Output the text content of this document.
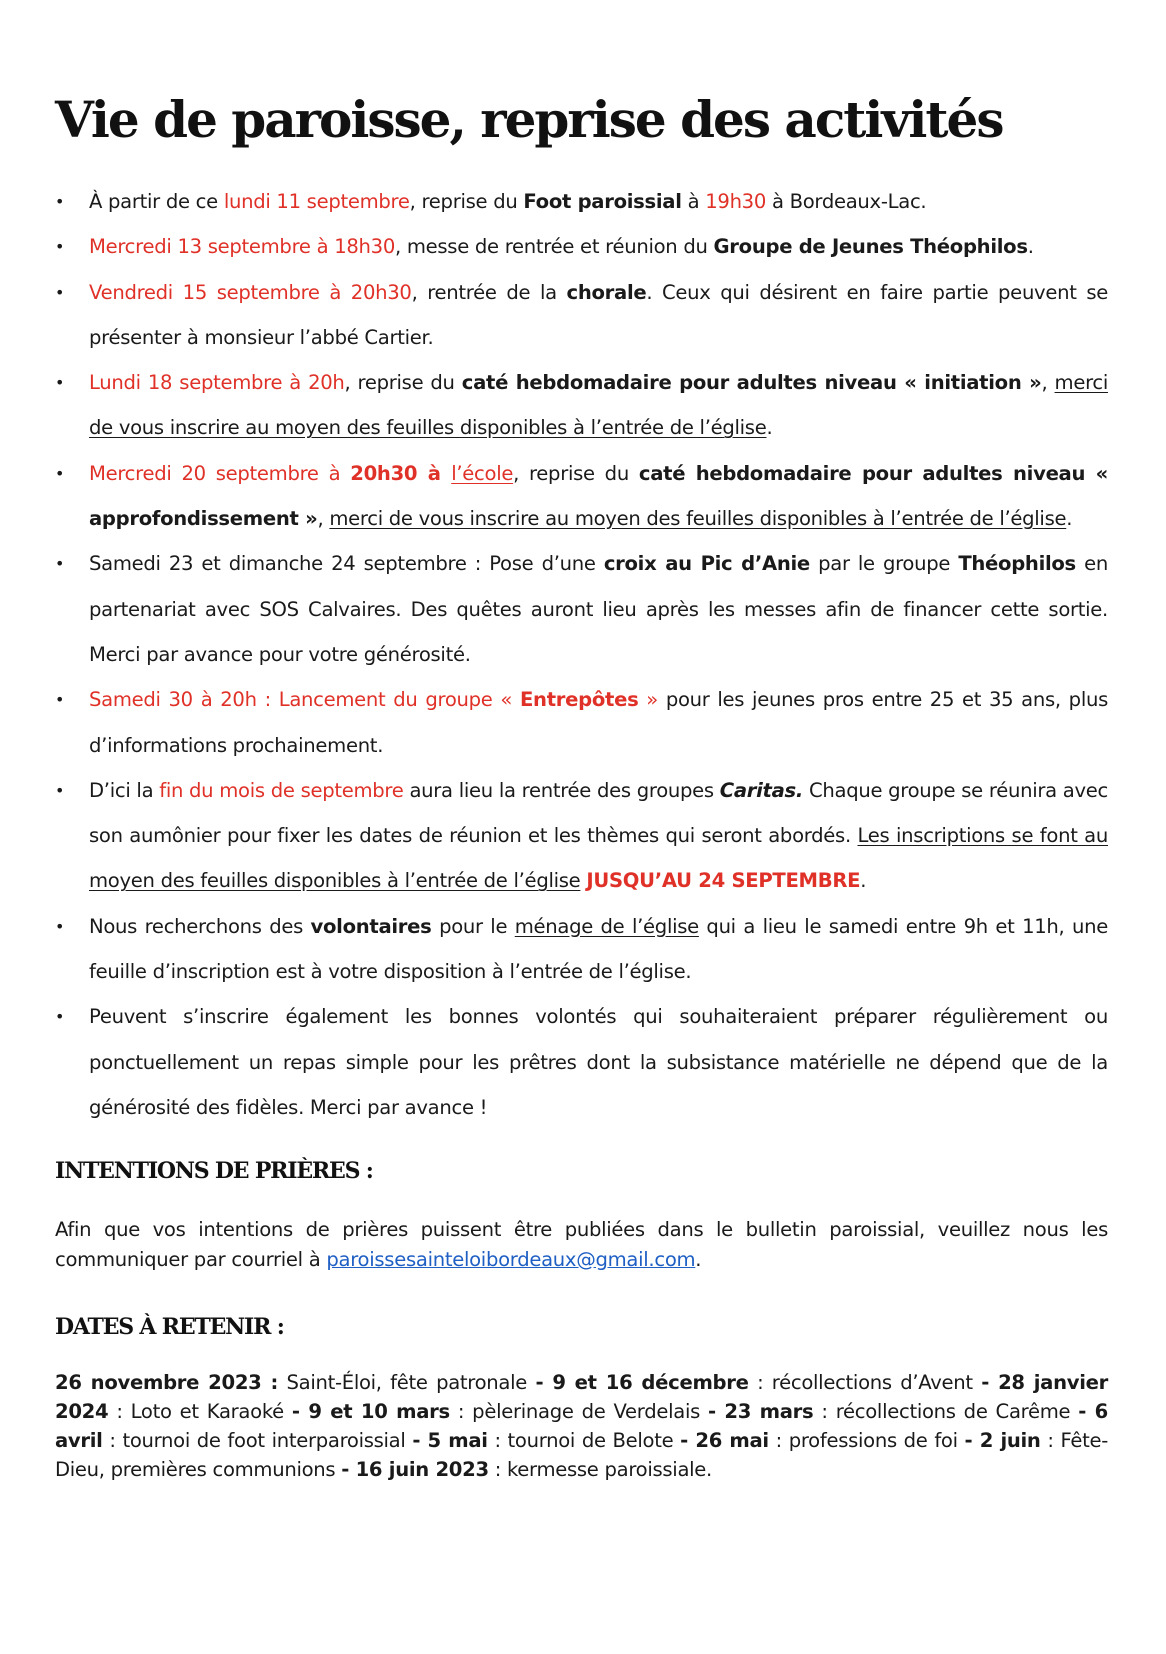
Vie de paroisse, reprise des activités
•	À partir de ce lundi 11 septembre, reprise du Foot paroissial à 19h30 à Bordeaux-Lac.
•	Mercredi 13 septembre à 18h30, messe de rentrée et réunion du Groupe de Jeunes Théophilos.
•	Vendredi 15 septembre à 20h30, rentrée de la chorale. Ceux qui désirent en faire partie peuvent se présenter à monsieur l’abbé Cartier.
•	Lundi 18 septembre à 20h, reprise du caté hebdomadaire pour adultes niveau « initiation », merci de vous inscrire au moyen des feuilles disponibles à l’entrée de l’église.
•	Mercredi 20 septembre à 20h30 à l’école, reprise du caté hebdomadaire pour adultes niveau « approfondissement », merci de vous inscrire au moyen des feuilles disponibles à l’entrée de l’église.
•	Samedi 23 et dimanche 24 septembre : Pose d’une croix au Pic d’Anie par le groupe Théophilos en partenariat avec SOS Calvaires. Des quêtes auront lieu après les messes afin de financer cette sortie. Merci par avance pour votre générosité.
•	Samedi 30 à 20h : Lancement du groupe « Entrepôtes » pour les jeunes pros entre 25 et 35 ans, plus d’informations prochainement.
•	D’ici la fin du mois de septembre aura lieu la rentrée des groupes Caritas. Chaque groupe se réunira avec son aumônier pour fixer les dates de réunion et les thèmes qui seront abordés. Les inscriptions se font au moyen des feuilles disponibles à l’entrée de l’église JUSQU’AU 24 SEPTEMBRE.
•	Nous recherchons des volontaires pour le ménage de l’église qui a lieu le samedi entre 9h et 11h, une feuille d’inscription est à votre disposition à l’entrée de l’église.
•	Peuvent s’inscrire également les bonnes volontés qui souhaiteraient préparer régulièrement ou ponctuellement un repas simple pour les prêtres dont la subsistance matérielle ne dépend que de la générosité des fidèles. Merci par avance !
INTENTIONS DE PRIÈRES :

Afin que vos intentions de prières puissent être publiées dans le bulletin paroissial, veuillez nous les communiquer par courriel à paroissesainteloibordeaux@gmail.com.

DATES À RETENIR :

26 novembre 2023 : Saint-Éloi, fête patronale - 9 et 16 décembre : récollections d’Avent - 28 janvier 2024 : Loto et Karaoké - 9 et 10 mars : pèlerinage de Verdelais - 23 mars : récollections de Carême - 6 avril : tournoi de foot interparoissial - 5 mai : tournoi de Belote - 26 mai : professions de foi - 2 juin : Fête-Dieu, premières communions - 16 juin 2023 : kermesse paroissiale.
